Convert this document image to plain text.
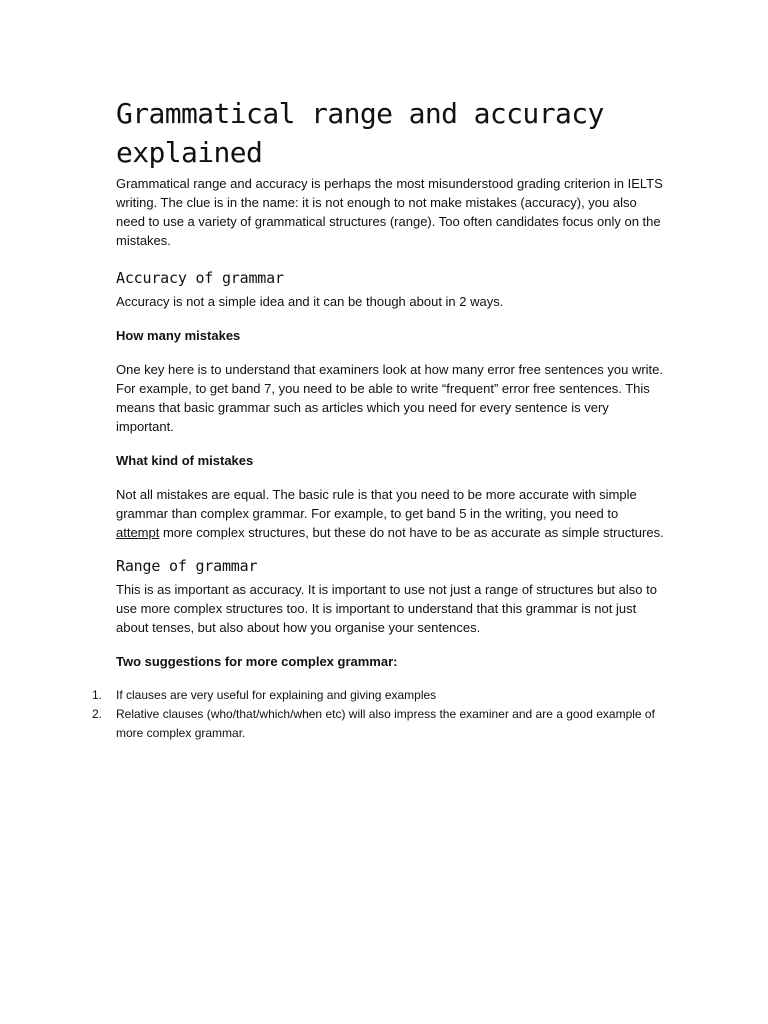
Grammatical range and accuracy explained

Grammatical range and accuracy is perhaps the most misunderstood grading criterion in IELTS writing. The clue is in the name: it is not enough to not make mistakes (accuracy), you also need to use a variety of grammatical structures (range). Too often candidates focus only on the mistakes.

Accuracy of grammar

Accuracy is not a simple idea and it can be though about in 2 ways.

How many mistakes

One key here is to understand that examiners look at how many error free sentences you write. For example, to get band 7, you need to be able to write “frequent” error free sentences. This means that basic grammar such as articles which you need for every sentence is very important.

What kind of mistakes

Not all mistakes are equal. The basic rule is that you need to be more accurate with simple grammar than complex grammar. For example, to get band 5 in the writing, you need to attempt more complex structures, but these do not have to be as accurate as simple structures.

Range of grammar

This is as important as accuracy. It is important to use not just a range of structures but also to use more complex structures too. It is important to understand that this grammar is not just about tenses, but also about how you organise your sentences.

Two suggestions for more complex grammar:

1. If clauses are very useful for explaining and giving examples
2. Relative clauses (who/that/which/when etc) will also impress the examiner and are a good example of more complex grammar.
